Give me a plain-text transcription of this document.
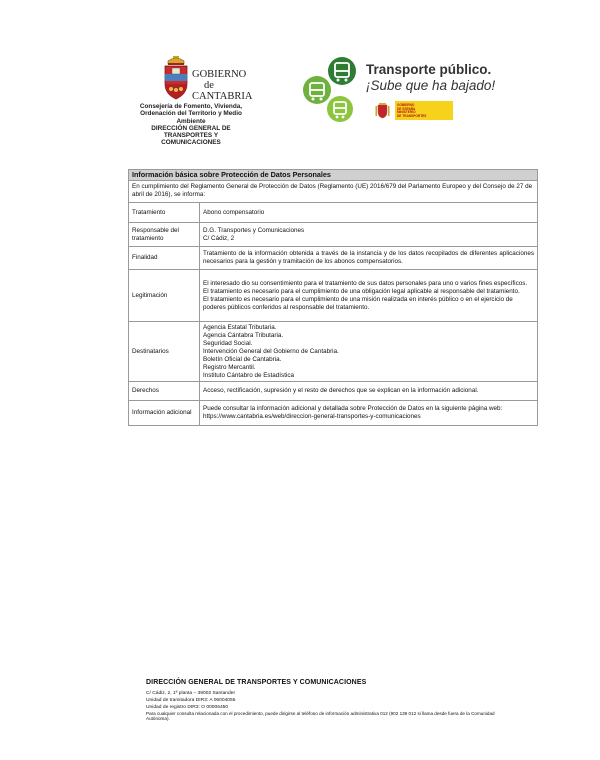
GOBIERNO
de
CANTABRIA
Consejería de Fomento, Vivienda,
Ordenación del Territorio y Medio
Ambiente
DIRECCIÓN GENERAL DE
TRANSPORTES Y
COMUNICACIONES
Transporte público.
¡Sube que ha bajado!
GOBIERNO
DE ESPAÑA
MINISTERIO
DE TRANSPORTES
Información básica sobre Protección de Datos Personales
En cumplimiento del Reglamento General de Protección de Datos (Reglamento (UE) 2016/679 del Parlamento Europeo y del Consejo de 27 de abril de 2016), se informa:
Tratamiento	Abono compensatorio
Responsable del tratamiento
D.G. Transportes y Comunicaciones
C/ Cádiz, 2
Finalidad
Tratamiento de la información obtenida a través de la instancia y de los datos recopilados de diferentes aplicaciones necesarios para la gestión y tramitación de los abonos compensatorios.
Legitimación
El interesado dio su consentimiento para el tratamiento de sus datos personales para uno o varios fines específicos.
El tratamiento es necesario para el cumplimiento de una obligación legal aplicable al responsable del tratamiento.
El tratamiento es necesario para el cumplimiento de una misión realizada en interés público o en el ejercicio de poderes públicos conferidos al responsable del tratamiento.
Destinatarios
Agencia Estatal Tributaria.
Agencia Cántabra Tributaria.
Seguridad Social.
Intervención General del Gobierno de Cantabria.
Boletín Oficial de Cantabria.
Registro Mercantil.
Instituto Cántabro de Estadística
Derechos	Acceso, rectificación, supresión y el resto de derechos que se explican en la información adicional.
Información adicional
Puede consultar la información adicional y detallada sobre Protección de Datos en la siguiente página web:
https://www.cantabria.es/web/direccion-general-transportes-y-comunicaciones
DIRECCIÓN GENERAL DE TRANSPORTES Y COMUNICACIONES
C/ Cádiz, 2, 1ª planta – 39002 Santander
Unidad de tramitadora DIR3: A 06004055
Unidad de registro DIR3: O 00006450
Para cualquier consulta relacionada con el procedimiento, puede dirigirse al teléfono de información administrativa 012 (902 139 012 si llama desde fuera de la Comunidad Autónoma).
